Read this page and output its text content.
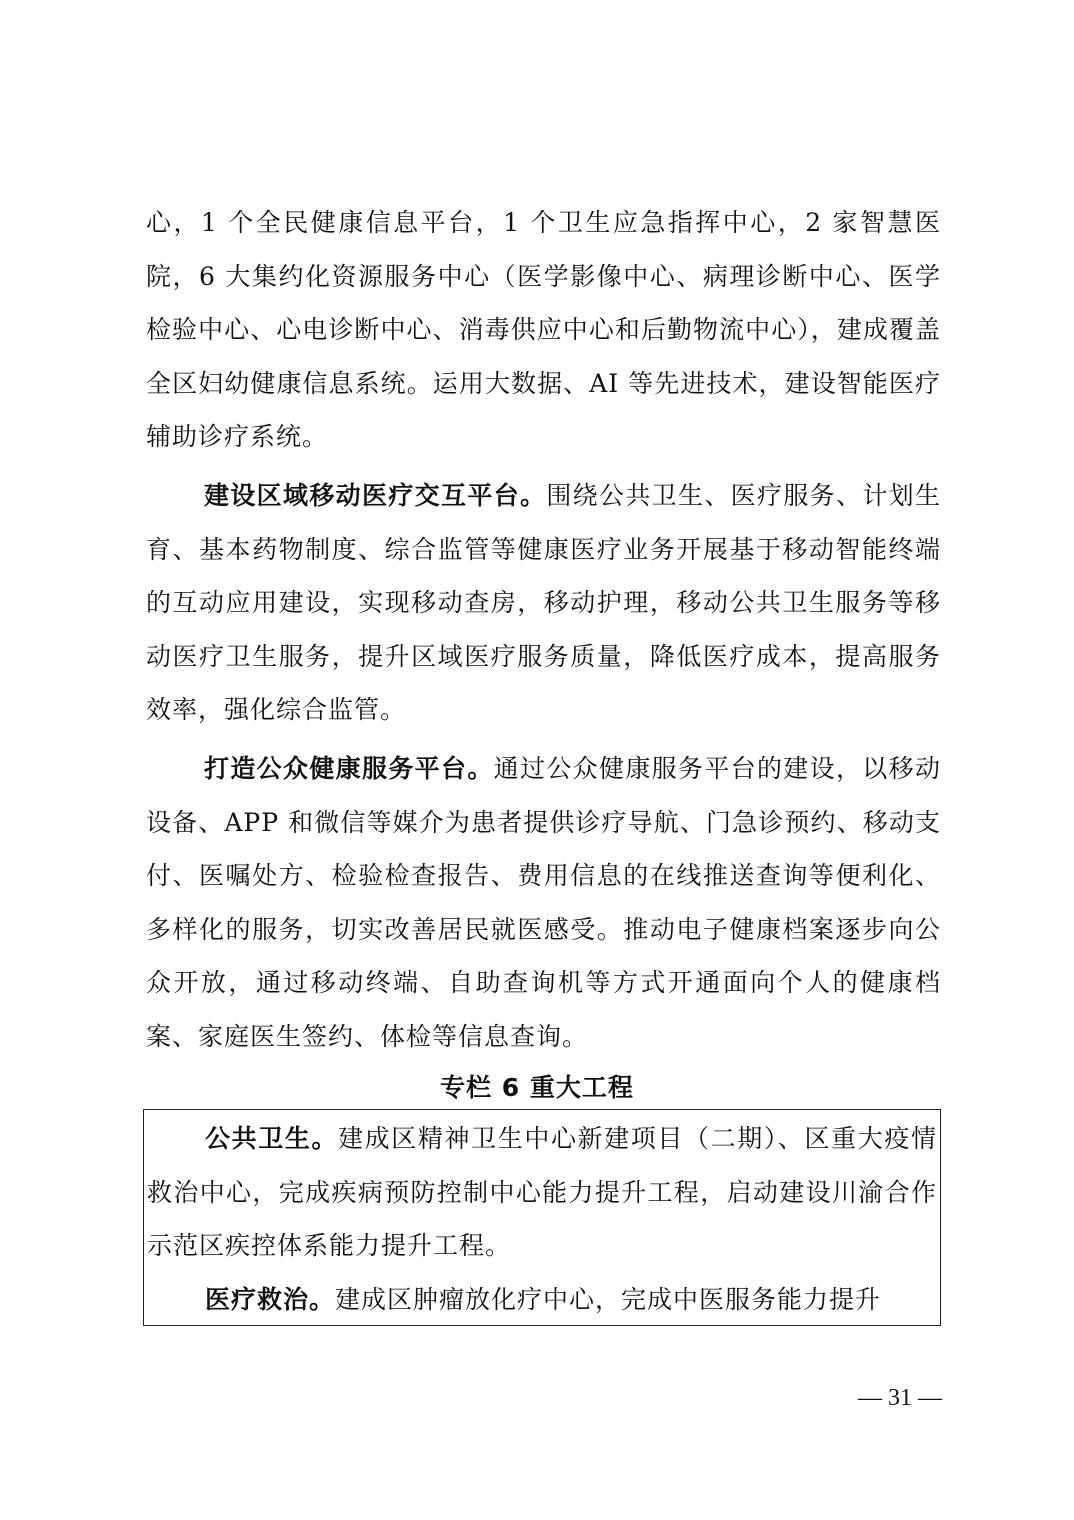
心，1 个全民健康信息平台，1 个卫生应急指挥中心，2 家智慧医院，6 大集约化资源服务中心（医学影像中心、病理诊断中心、医学检验中心、心电诊断中心、消毒供应中心和后勤物流中心），建成覆盖全区妇幼健康信息系统。运用大数据、AI 等先进技术，建设智能医疗辅助诊疗系统。
建设区域移动医疗交互平台。围绕公共卫生、医疗服务、计划生育、基本药物制度、综合监管等健康医疗业务开展基于移动智能终端的互动应用建设，实现移动查房，移动护理，移动公共卫生服务等移动医疗卫生服务，提升区域医疗服务质量，降低医疗成本，提高服务效率，强化综合监管。
打造公众健康服务平台。通过公众健康服务平台的建设，以移动设备、APP 和微信等媒介为患者提供诊疗导航、门急诊预约、移动支付、医嘱处方、检验检查报告、费用信息的在线推送查询等便利化、多样化的服务，切实改善居民就医感受。推动电子健康档案逐步向公众开放，通过移动终端、自助查询机等方式开通面向个人的健康档案、家庭医生签约、体检等信息查询。
专栏 6 重大工程
公共卫生。建成区精神卫生中心新建项目（二期）、区重大疫情救治中心，完成疾病预防控制中心能力提升工程，启动建设川渝合作示范区疾控体系能力提升工程。
医疗救治。建成区肿瘤放化疗中心，完成中医服务能力提升
— 31 —
